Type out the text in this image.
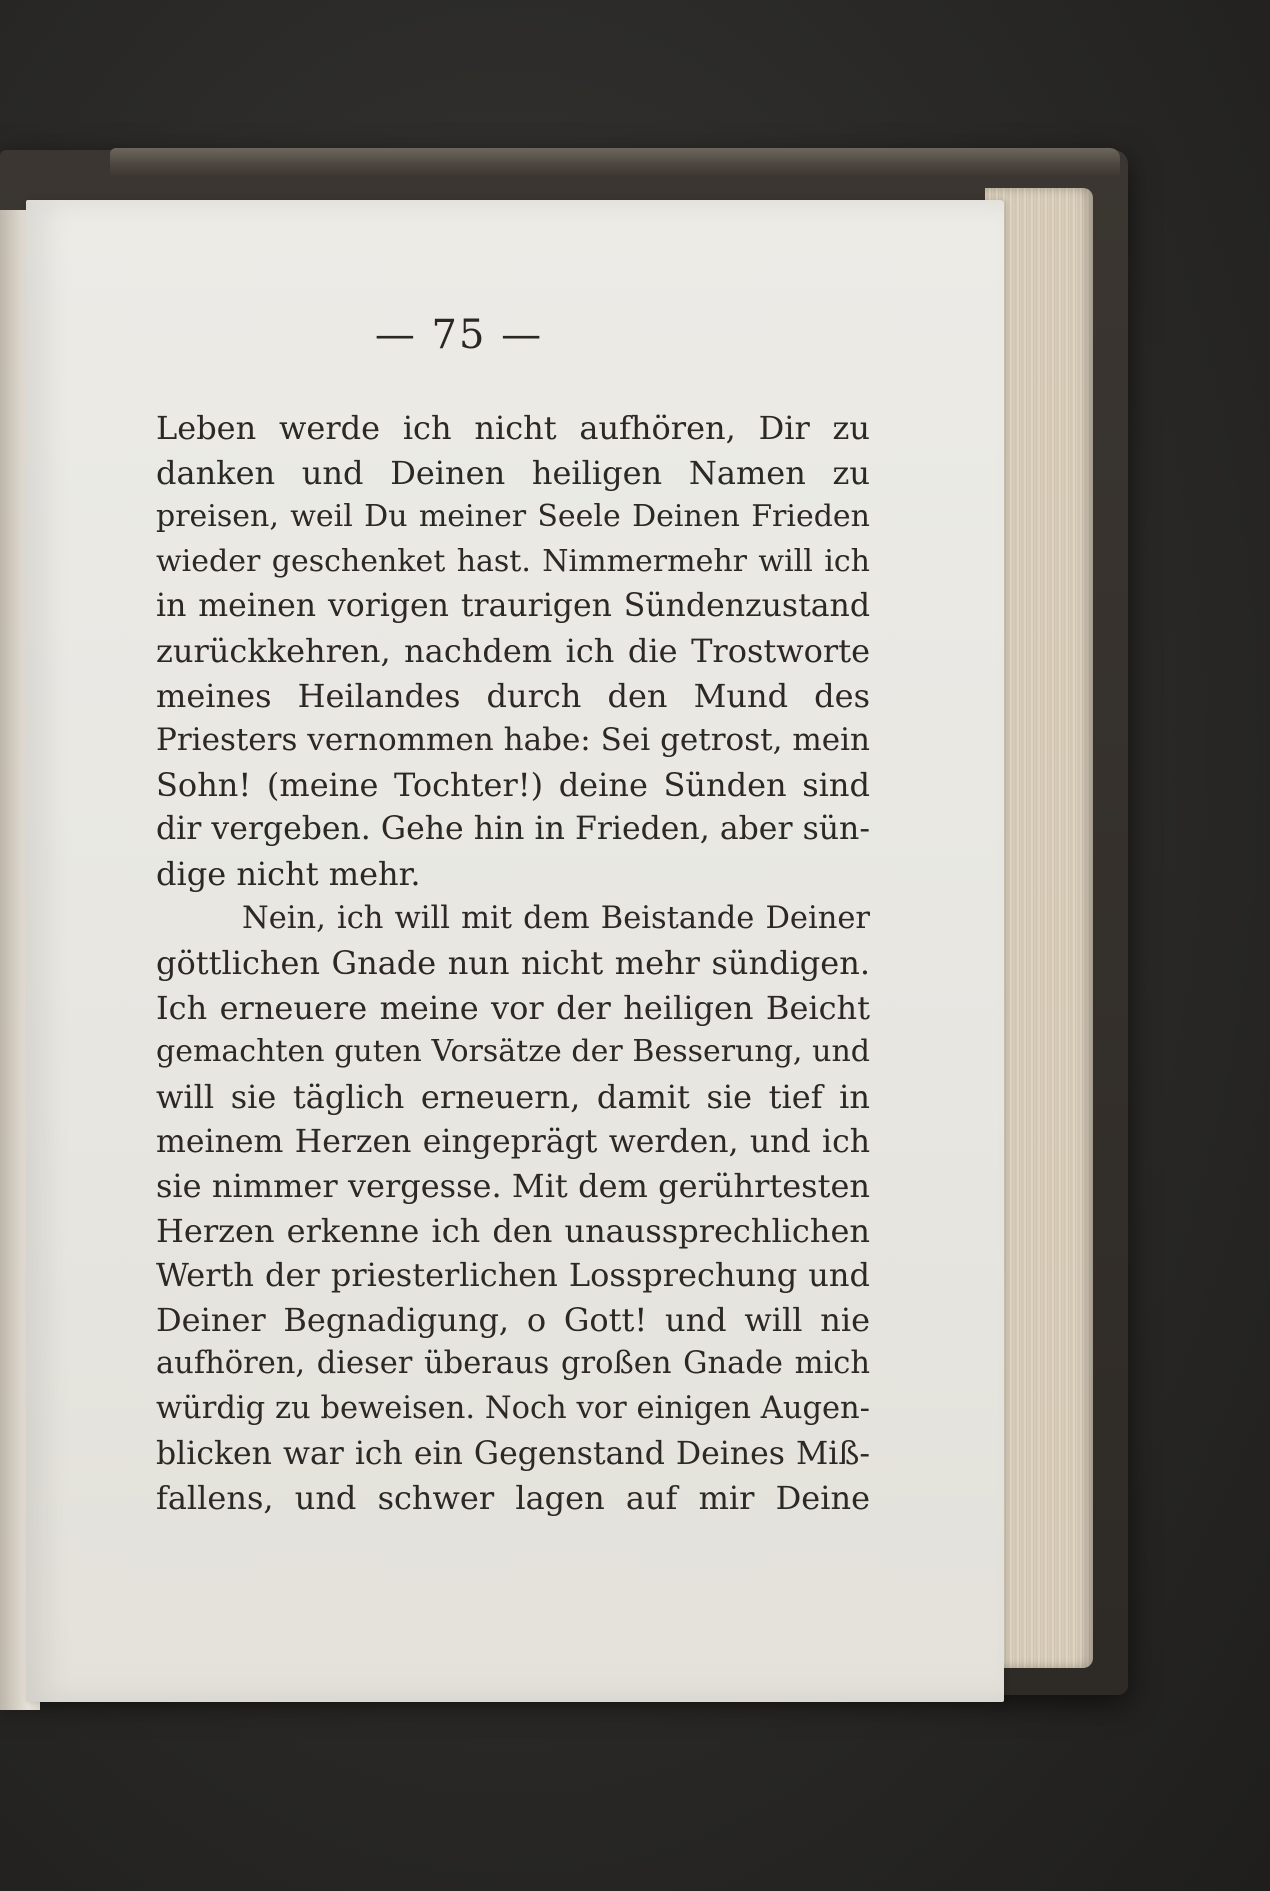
— 75 —
Leben werde ich nicht aufhören, Dir zu
danken und Deinen heiligen Namen zu
preisen, weil Du meiner Seele Deinen Frieden
wieder geschenket hast. Nimmermehr will ich
in meinen vorigen traurigen Sündenzustand
zurückkehren, nachdem ich die Trostworte
meines Heilandes durch den Mund des
Priesters vernommen habe: Sei getrost, mein
Sohn! (meine Tochter!) deine Sünden sind
dir vergeben. Gehe hin in Frieden, aber sün-
dige nicht mehr.
Nein, ich will mit dem Beistande Deiner
göttlichen Gnade nun nicht mehr sündigen.
Ich erneuere meine vor der heiligen Beicht
gemachten guten Vorsätze der Besserung, und
will sie täglich erneuern, damit sie tief in
meinem Herzen eingeprägt werden, und ich
sie nimmer vergesse. Mit dem gerührtesten
Herzen erkenne ich den unaussprechlichen
Werth der priesterlichen Lossprechung und
Deiner Begnadigung, o Gott! und will nie
aufhören, dieser überaus großen Gnade mich
würdig zu beweisen. Noch vor einigen Augen-
blicken war ich ein Gegenstand Deines Miß-
fallens, und schwer lagen auf mir Deine
